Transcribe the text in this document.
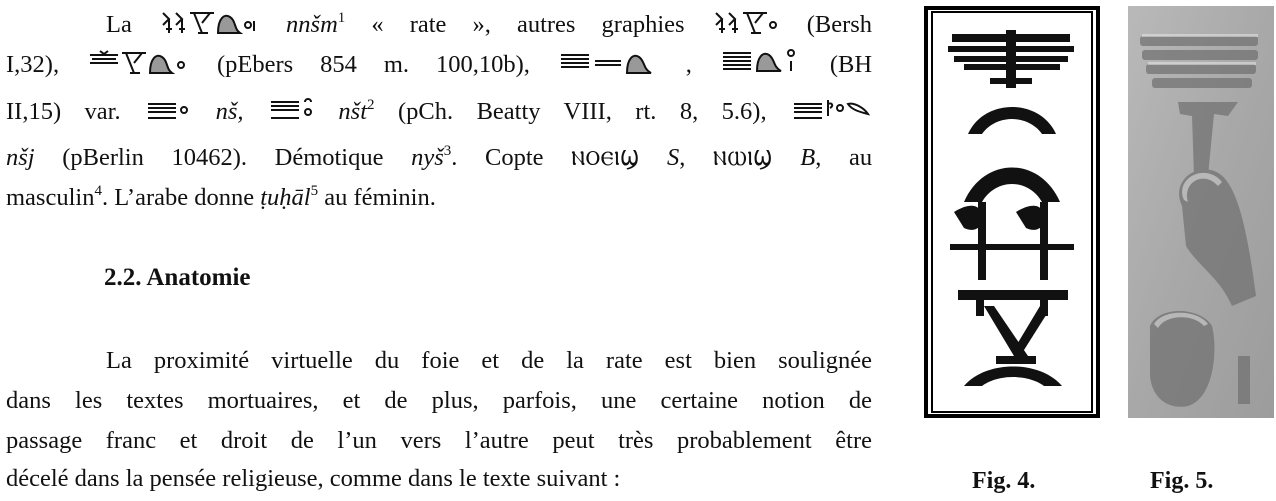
La	nnšm$^1$ « rate », autres graphies	(Bersh
I,32),	(pEbers 854 m. 100,10b),	,	(BH
II,15) var.	nš,	nšt$^2$ (pCh. Beatty VIII, rt. 8, 5.6),
nšj (pBerlin 10462). Démotique nyš$^3$. Copte ⲚⲞⲈⲒϢ S, ⲚⲰⲒϢ B, au
masculin$^4$. L’arabe donne ṭuḥāl$^5$ au féminin.
2.2. Anatomie
La proximité virtuelle du foie et de la rate est bien soulignée
dans les textes mortuaires, et de plus, parfois, une certaine notion de
passage franc et droit de l’un vers l’autre peut très probablement être
décelé dans la pensée religieuse, comme dans le texte suivant :	Fig. 4.	Fig. 5.
